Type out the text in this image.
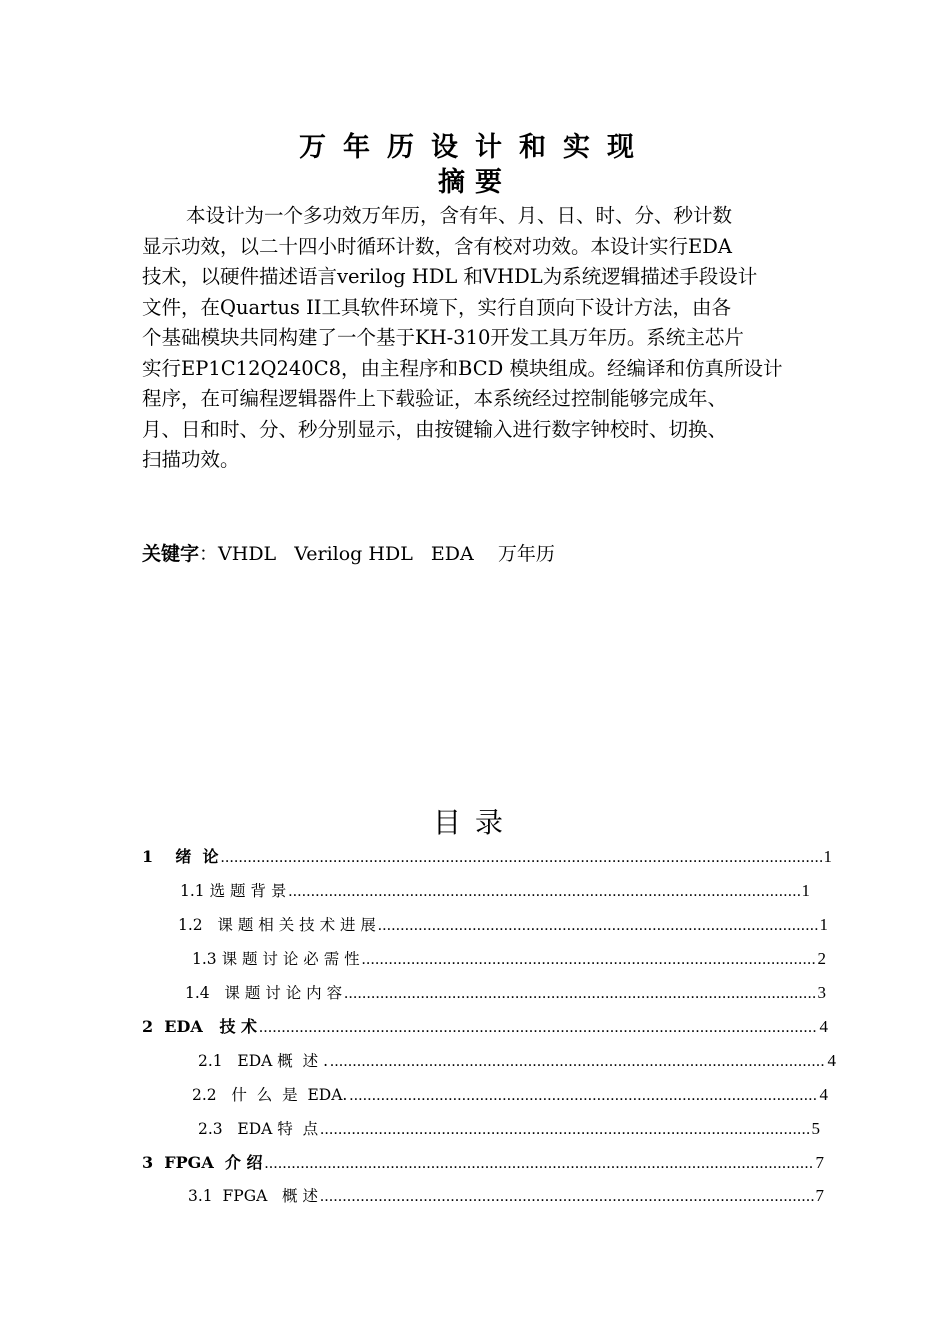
万年历设计和实现
摘要
本设计为一个多功效万年历，含有年、月、日、时、分、秒计数
显示功效，以二十四小时循环计数，含有校对功效。本设计实行EDA
技术，以硬件描述语言verilog HDL 和VHDL为系统逻辑描述手段设计
文件，在Quartus II工具软件环境下，实行自顶向下设计方法，由各
个基础模块共同构建了一个基于KH-310开发工具万年历。系统主芯片
实行EP1C12Q240C8，由主程序和BCD 模块组成。经编译和仿真所设计
程序，在可编程逻辑器件上下载验证，本系统经过控制能够完成年、
月、日和时、分、秒分别显示，由按键输入进行数字钟校时、切换、
扫描功效。
关键字：VHDL   Verilog HDL   EDA    万年历
目录
1    绪  论 .....	1
1.1 选 题 背 景 .....	1
1.2   课 题 相 关 技 术 进 展 .....	1
1.3 课 题 讨 论 必 需 性 .....	2
1.4   课 题 讨 论 内 容 .....	3
2  EDA   技 术 .....	4
2.1   EDA 概  述 . .....	4
2.2   什  么  是  EDA. .....	4
2.3   EDA 特  点 .....	5
3  FPGA  介 绍 .....	7
3.1  FPGA   概 述 .....	7
